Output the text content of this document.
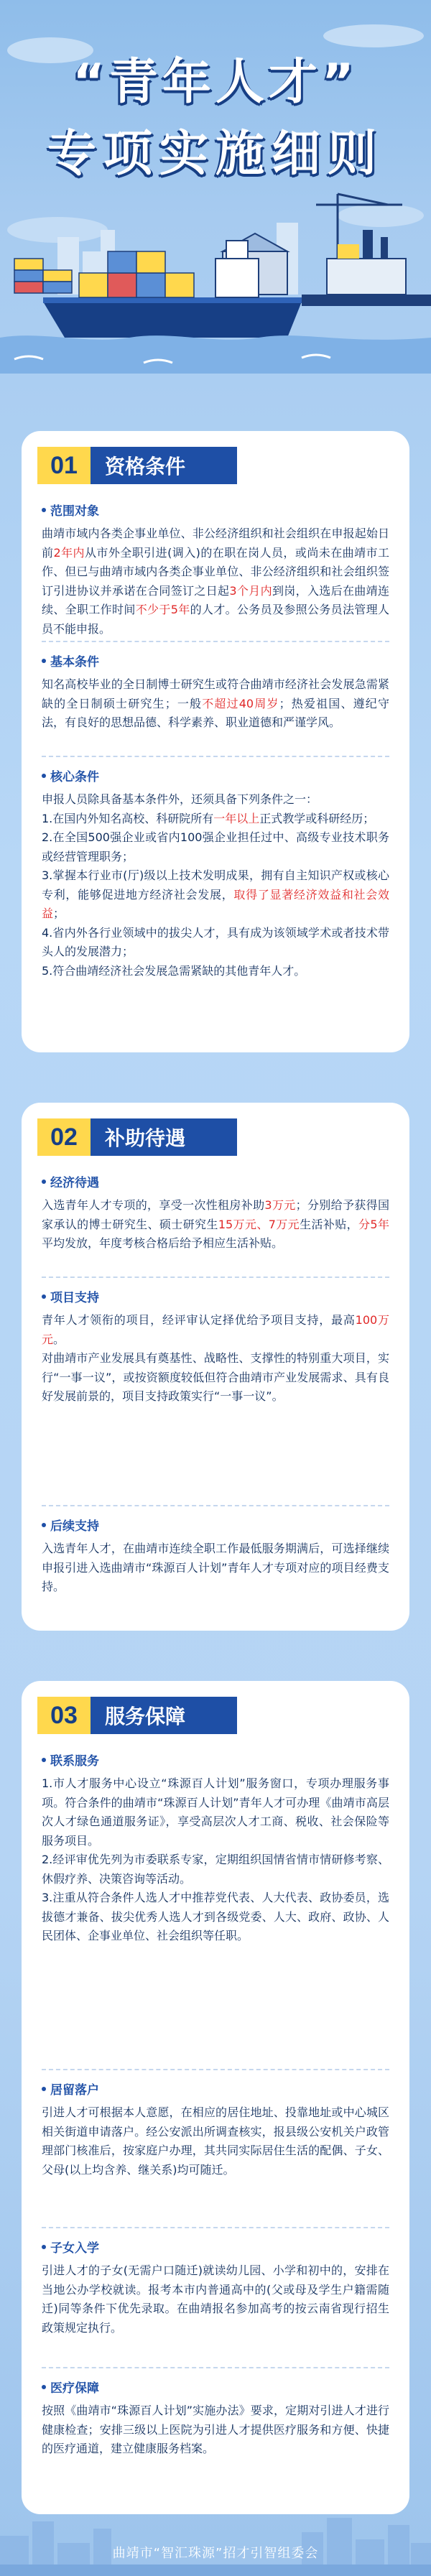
“青年人才”
专项实施细则
01	资格条件
范围对象
曲靖市域内各类企事业单位、非公经济组织和社会组织在申报起始日前2年内从市外全职引进(调入)的在职在岗人员，或尚未在曲靖市工作、但已与曲靖市域内各类企事业单位、非公经济组织和社会组织签订引进协议并承诺在合同签订之日起3个月内到岗，入选后在曲靖连续、全职工作时间不少于5年的人才。公务员及参照公务员法管理人员不能申报。
基本条件
知名高校毕业的全日制博士研究生或符合曲靖市经济社会发展急需紧缺的全日制硕士研究生；一般不超过40周岁；热爱祖国、遵纪守法，有良好的思想品德、科学素养、职业道德和严谨学风。
核心条件
申报人员除具备基本条件外，还须具备下列条件之一：
1.在国内外知名高校、科研院所有一年以上正式教学或科研经历；
2.在全国500强企业或省内100强企业担任过中、高级专业技术职务或经营管理职务；
3.掌握本行业市(厅)级以上技术发明成果，拥有自主知识产权或核心专利，能够促进地方经济社会发展，取得了显著经济效益和社会效益；
4.省内外各行业领域中的拔尖人才，具有成为该领域学术或者技术带头人的发展潜力；
5.符合曲靖经济社会发展急需紧缺的其他青年人才。
02	补助待遇
经济待遇
入选青年人才专项的，享受一次性租房补助3万元；分别给予获得国家承认的博士研究生、硕士研究生15万元、7万元生活补贴，分5年平均发放，年度考核合格后给予相应生活补贴。
项目支持
青年人才领衔的项目，经评审认定择优给予项目支持，最高100万元。
对曲靖市产业发展具有奠基性、战略性、支撑性的特别重大项目，实行“一事一议”，或按资额度较低但符合曲靖市产业发展需求、具有良好发展前景的，项目支持政策实行“一事一议”。
后续支持
入选青年人才，在曲靖市连续全职工作最低服务期满后，可选择继续申报引进入选曲靖市“珠源百人计划”青年人才专项对应的项目经费支持。
03	服务保障
联系服务
1.市人才服务中心设立“珠源百人计划”服务窗口，专项办理服务事项。符合条件的曲靖市“珠源百人计划”青年人才可办理《曲靖市高层次人才绿色通道服务证》，享受高层次人才工商、税收、社会保险等服务项目。
2.经评审优先列为市委联系专家，定期组织国情省情市情研修考察、休假疗养、决策咨询等活动。
3.注重从符合条件人选人才中推荐党代表、人大代表、政协委员，选拔德才兼备、拔尖优秀人选人才到各级党委、人大、政府、政协、人民团体、企事业单位、社会组织等任职。
居留落户
引进人才可根据本人意愿，在相应的居住地址、投靠地址或中心城区相关街道申请落户。经公安派出所调查核实，报县级公安机关户政管理部门核准后，按家庭户办理，其共同实际居住生活的配偶、子女、父母(以上均含养、继关系)均可随迁。
子女入学
引进人才的子女(无需户口随迁)就读幼儿园、小学和初中的，安排在当地公办学校就读。报考本市内普通高中的(父或母及学生户籍需随迁)同等条件下优先录取。在曲靖报名参加高考的按云南省现行招生政策规定执行。
医疗保障
按照《曲靖市“珠源百人计划”实施办法》要求，定期对引进人才进行健康检查；安排三级以上医院为引进人才提供医疗服务和方便、快捷的医疗通道，建立健康服务档案。
曲靖市“智汇珠源”招才引智组委会
